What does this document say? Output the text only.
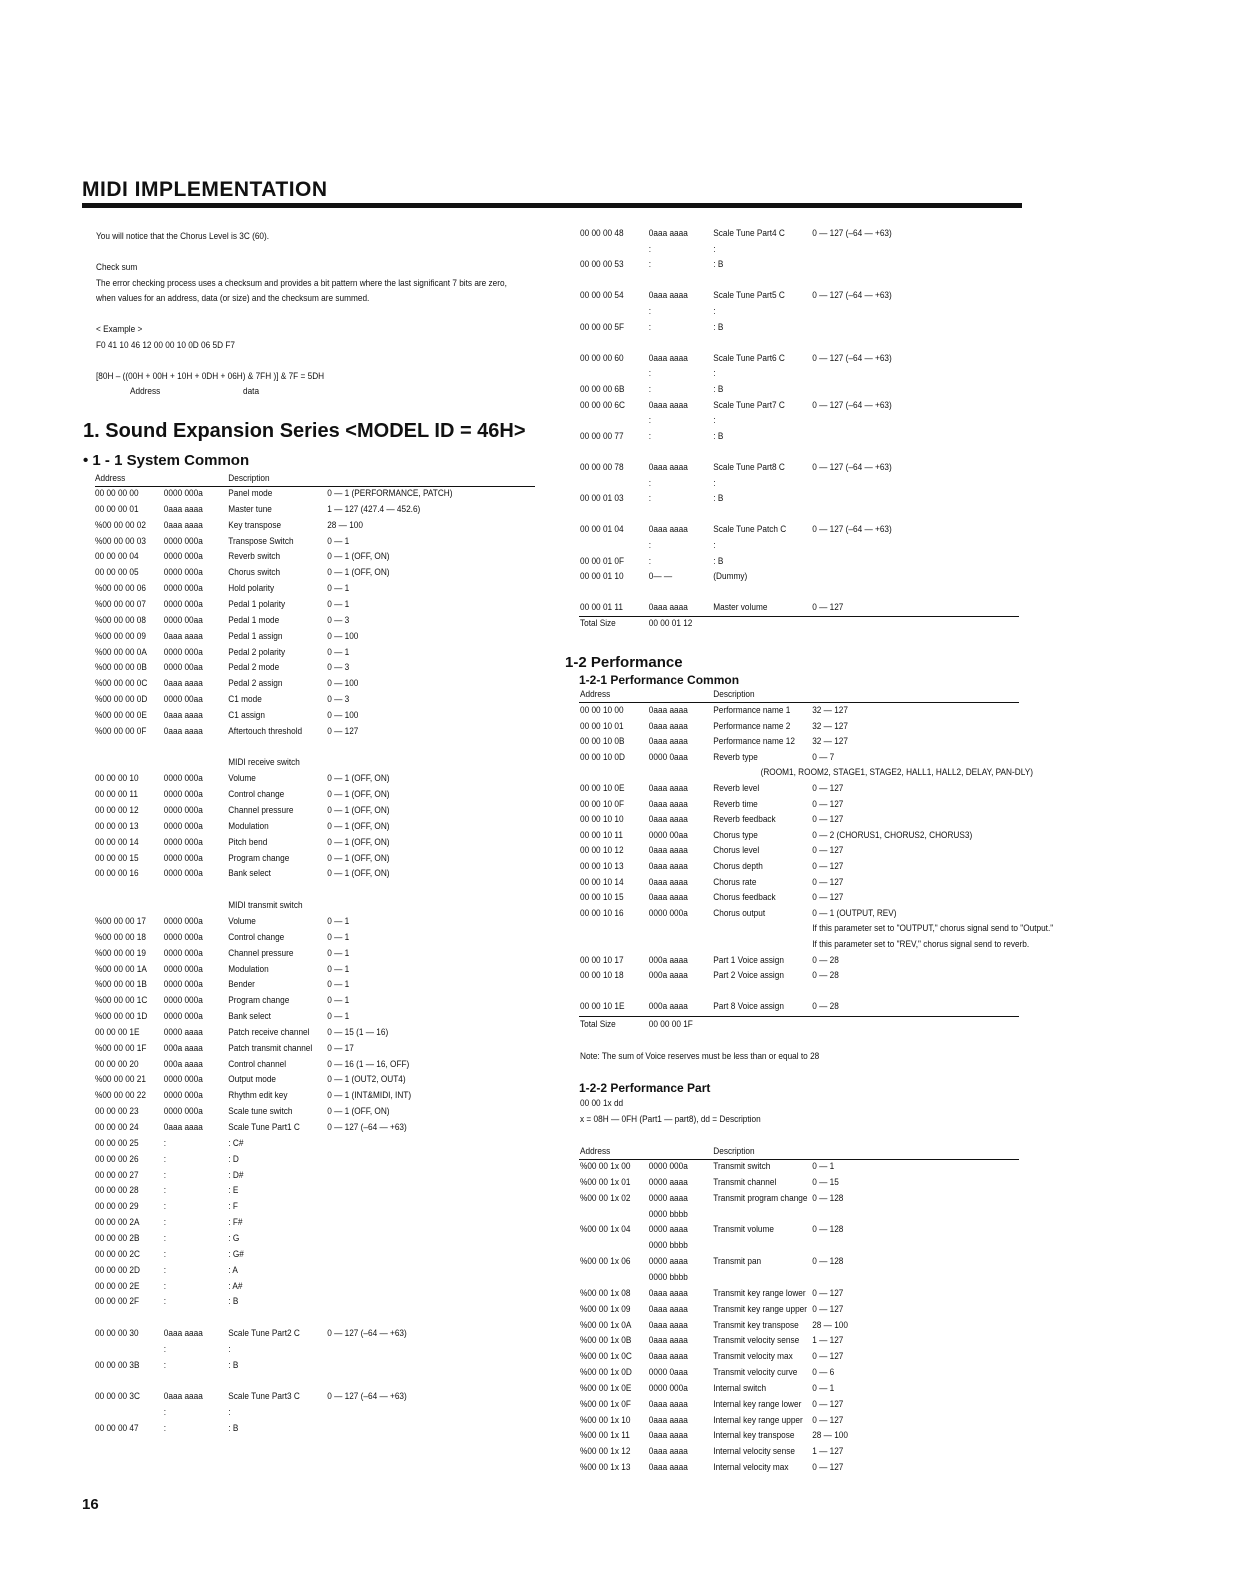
MIDI IMPLEMENTATION
You will notice that the Chorus Level is 3C (60).
Check sum
The error checking process uses a checksum and provides a bit pattern where the last significant 7 bits are zero,
when values for an address, data (or size) and the checksum are summed.
< Example >
F0 41 10 46 12 00 00 10 0D 06 5D F7
[80H – ((00H + 00H + 10H + 0DH + 06H) & 7FH )] & 7F = 5DH
Address	data
1. Sound Expansion Series <MODEL ID = 46H>
• 1 - 1 System Common
Address	Description
00 00 00 00	0000 000a	Panel mode	0 — 1 (PERFORMANCE, PATCH)
00 00 00 01	0aaa aaaa	Master tune	1 — 127 (427.4 — 452.6)
%00 00 00 02 0aaa aaaa	Key transpose	28 — 100
%00 00 00 03 0000 000a	Transpose Switch	0 — 1
00 00 00 04	0000 000a	Reverb switch	0 — 1 (OFF, ON)
00 00 00 05	0000 000a	Chorus switch	0 — 1 (OFF, ON)
%00 00 00 06 0000 000a	Hold polarity	0 — 1
%00 00 00 07 0000 000a	Pedal 1 polarity	0 — 1
%00 00 00 08 0000 00aa	Pedal 1 mode	0 — 3
%00 00 00 09 0aaa aaaa	Pedal 1 assign	0 — 100
%00 00 00 0A 0000 000a	Pedal 2 polarity	0 — 1
%00 00 00 0B 0000 00aa	Pedal 2 mode	0 — 3
%00 00 00 0C 0aaa aaaa	Pedal 2 assign	0 — 100
%00 00 00 0D 0000 00aa	C1 mode	0 — 3
%00 00 00 0E 0aaa aaaa	C1 assign	0 — 100
%00 00 00 0F 0aaa aaaa	Aftertouch threshold	0 — 127
MIDI receive switch
00 00 00 10	0000 000a	Volume	0 — 1 (OFF, ON)
00 00 00 11	0000 000a	Control change	0 — 1 (OFF, ON)
00 00 00 12	0000 000a	Channel pressure	0 — 1 (OFF, ON)
00 00 00 13	0000 000a	Modulation	0 — 1 (OFF, ON)
00 00 00 14	0000 000a	Pitch bend	0 — 1 (OFF, ON)
00 00 00 15	0000 000a	Program change	0 — 1 (OFF, ON)
00 00 00 16	0000 000a	Bank select	0 — 1 (OFF, ON)
MIDI transmit switch
%00 00 00 17 0000 000a	Volume	0 — 1
%00 00 00 18 0000 000a	Control change	0 — 1
%00 00 00 19 0000 000a	Channel pressure	0 — 1
%00 00 00 1A 0000 000a	Modulation	0 — 1
%00 00 00 1B 0000 000a	Bender	0 — 1
%00 00 00 1C 0000 000a	Program change	0 — 1
%00 00 00 1D 0000 000a	Bank select	0 — 1
00 00 00 1E	0000 aaaa	Patch receive channel 0 — 15 (1 — 16)
%00 00 00 1F 000a aaaa	Patch transmit channel 0 — 17
00 00 00 20	000a aaaa	Control channel	0 — 16 (1 — 16, OFF)
%00 00 00 21 0000 000a	Output mode	0 — 1 (OUT2, OUT4)
%00 00 00 22 0000 000a	Rhythm edit key	0 — 1 (INT&MIDI, INT)
00 00 00 23	0000 000a	Scale tune switch	0 — 1 (OFF, ON)
00 00 00 24	0aaa aaaa	Scale Tune Part1 C	0 — 127 (–64 — +63)
00 00 00 25	:	: C#
00 00 00 26	:	: D
00 00 00 27	:	: D#
00 00 00 28	:	: E
00 00 00 29	:	: F
00 00 00 2A	:	: F#
00 00 00 2B	:	: G
00 00 00 2C :	: G#
00 00 00 2D :	: A
00 00 00 2E	:	: A#
00 00 00 2F	:	: B
00 00 00 30	0aaa aaaa	Scale Tune Part2 C	0 — 127 (–64 — +63)
:	:
00 00 00 3B	:	: B
00 00 00 3C 0aaa aaaa	Scale Tune Part3 C	0 — 127 (–64 — +63)
:	:
00 00 00 47	:	: B
00 00 00 48	0aaa aaaa	Scale Tune Part4 C	0 — 127 (–64 — +63)
:	:
00 00 00 53	:	: B
00 00 00 54	0aaa aaaa	Scale Tune Part5 C	0 — 127 (–64 — +63)
:	:
00 00 00 5F	:	: B
00 00 00 60	0aaa aaaa	Scale Tune Part6 C	0 — 127 (–64 — +63)
:	:
00 00 00 6B	:	: B
00 00 00 6C 0aaa aaaa	Scale Tune Part7 C	0 — 127 (–64 — +63)
:	:
00 00 00 77	:	: B
00 00 00 78	0aaa aaaa	Scale Tune Part8 C	0 — 127 (–64 — +63)
:	:
00 00 01 03	:	: B
00 00 01 04	0aaa aaaa	Scale Tune Patch C	0 — 127 (–64 — +63)
:	:
00 00 01 0F	:	: B
00 00 01 10	0— —	(Dummy)
00 00 01 11	0aaa aaaa	Master volume	0 — 127
Total Size	00 00 01 12
1-2 Performance
1-2-1 Performance Common
Address	Description
00 00 10 00	0aaa aaaa	Performance name 1 32 — 127
00 00 10 01	0aaa aaaa	Performance name 2 32 — 127
00 00 10 0B	0aaa aaaa	Performance name 12 32 — 127
00 00 10 0D 0000 0aaa	Reverb type	0 — 7
(ROOM1, ROOM2, STAGE1, STAGE2, HALL1, HALL2, DELAY, PAN-DLY)
00 00 10 0E	0aaa aaaa	Reverb level	0 — 127
00 00 10 0F	0aaa aaaa	Reverb time	0 — 127
00 00 10 10	0aaa aaaa	Reverb feedback	0 — 127
00 00 10 11	0000 00aa	Chorus type	0 — 2 (CHORUS1, CHORUS2, CHORUS3)
00 00 10 12	0aaa aaaa	Chorus level	0 — 127
00 00 10 13	0aaa aaaa	Chorus depth	0 — 127
00 00 10 14	0aaa aaaa	Chorus rate	0 — 127
00 00 10 15	0aaa aaaa	Chorus feedback	0 — 127
00 00 10 16	0000 000a	Chorus output	0 — 1 (OUTPUT, REV)
If this parameter set to "OUTPUT," chorus signal send to "Output."
If this parameter set to "REV," chorus signal send to reverb.
00 00 10 17	000a aaaa	Part 1 Voice assign	0 — 28
00 00 10 18	000a aaaa	Part 2 Voice assign	0 — 28
00 00 10 1E	000a aaaa	Part 8 Voice assign	0 — 28
Total Size	00 00 00 1F
Note: The sum of Voice reserves must be less than or equal to 28
1-2-2 Performance Part
00 00 1x dd
x = 08H — 0FH (Part1 — part8), dd = Description
Address	Description
%00 00 1x 00 0000 000a	Transmit switch	0 — 1
%00 00 1x 01 0000 aaaa	Transmit channel	0 — 15
%00 00 1x 02 0000 aaaa	Transmit program change 0 — 128
0000 bbbb
%00 00 1x 04 0000 aaaa	Transmit volume	0 — 128
0000 bbbb
%00 00 1x 06 0000 aaaa	Transmit pan	0 — 128
0000 bbbb
%00 00 1x 08 0aaa aaaa	Transmit key range lower 0 — 127
%00 00 1x 09 0aaa aaaa	Transmit key range upper 0 — 127
%00 00 1x 0A 0aaa aaaa	Transmit key transpose 28 — 100
%00 00 1x 0B 0aaa aaaa	Transmit velocity sense 1 — 127
%00 00 1x 0C 0aaa aaaa	Transmit velocity max 0 — 127
%00 00 1x 0D 0000 0aaa	Transmit velocity curve 0 — 6
%00 00 1x 0E 0000 000a	Internal switch	0 — 1
%00 00 1x 0F 0aaa aaaa	Internal key range lower 0 — 127
%00 00 1x 10 0aaa aaaa	Internal key range upper 0 — 127
%00 00 1x 11 0aaa aaaa	Internal key transpose 28 — 100
%00 00 1x 12 0aaa aaaa	Internal velocity sense 1 — 127
%00 00 1x 13 0aaa aaaa	Internal velocity max 0 — 127
16
